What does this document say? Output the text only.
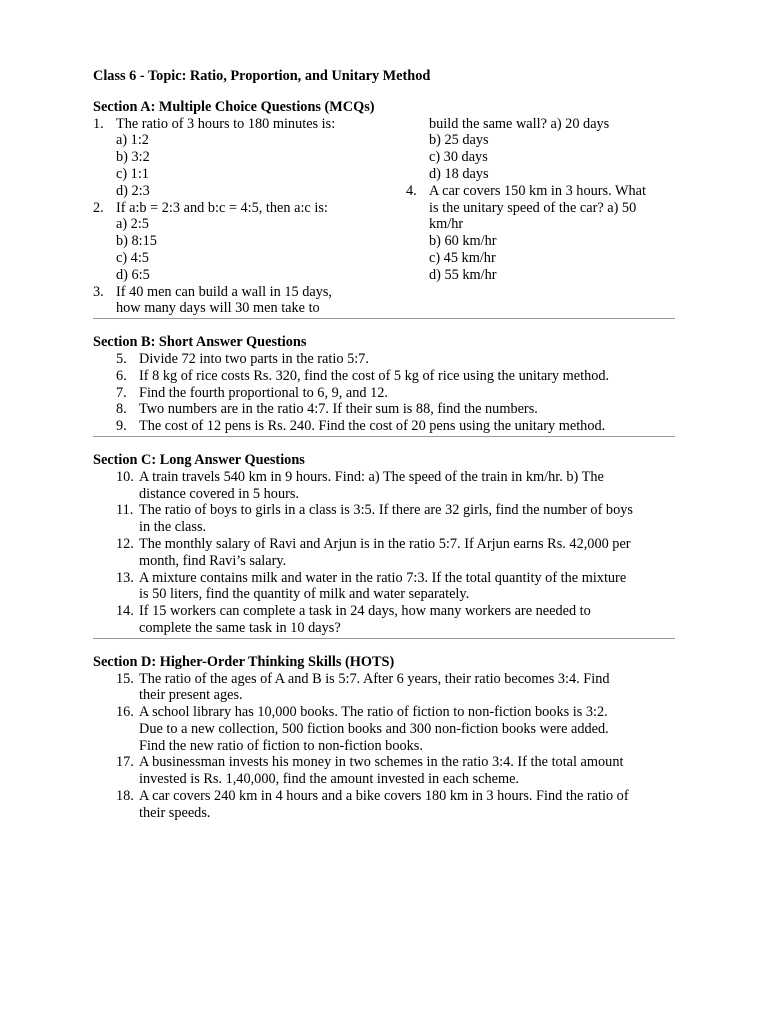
Class 6 - Topic: Ratio, Proportion, and Unitary Method

Section A: Multiple Choice Questions (MCQs)

1. The ratio of 3 hours to 180 minutes is:
a) 1:2
b) 3:2
c) 1:1
d) 2:3
2. If a:b = 2:3 and b:c = 4:5, then a:c is:
a) 2:5
b) 8:15
c) 4:5
d) 6:5
3. If 40 men can build a wall in 15 days,
how many days will 30 men take to
build the same wall? a) 20 days
b) 25 days
c) 30 days
d) 18 days
4. A car covers 150 km in 3 hours. What
is the unitary speed of the car? a) 50
km/hr
b) 60 km/hr
c) 45 km/hr
d) 55 km/hr

Section B: Short Answer Questions

5. Divide 72 into two parts in the ratio 5:7.
6. If 8 kg of rice costs Rs. 320, find the cost of 5 kg of rice using the unitary method.
7. Find the fourth proportional to 6, 9, and 12.
8. Two numbers are in the ratio 4:7. If their sum is 88, find the numbers.
9. The cost of 12 pens is Rs. 240. Find the cost of 20 pens using the unitary method.

Section C: Long Answer Questions

10. A train travels 540 km in 9 hours. Find: a) The speed of the train in km/hr. b) The
distance covered in 5 hours.
11. The ratio of boys to girls in a class is 3:5. If there are 32 girls, find the number of boys
in the class.
12. The monthly salary of Ravi and Arjun is in the ratio 5:7. If Arjun earns Rs. 42,000 per
month, find Ravi’s salary.
13. A mixture contains milk and water in the ratio 7:3. If the total quantity of the mixture
is 50 liters, find the quantity of milk and water separately.
14. If 15 workers can complete a task in 24 days, how many workers are needed to
complete the same task in 10 days?

Section D: Higher-Order Thinking Skills (HOTS)

15. The ratio of the ages of A and B is 5:7. After 6 years, their ratio becomes 3:4. Find
their present ages.
16. A school library has 10,000 books. The ratio of fiction to non-fiction books is 3:2.
Due to a new collection, 500 fiction books and 300 non-fiction books were added.
Find the new ratio of fiction to non-fiction books.
17. A businessman invests his money in two schemes in the ratio 3:4. If the total amount
invested is Rs. 1,40,000, find the amount invested in each scheme.
18. A car covers 240 km in 4 hours and a bike covers 180 km in 3 hours. Find the ratio of
their speeds.
